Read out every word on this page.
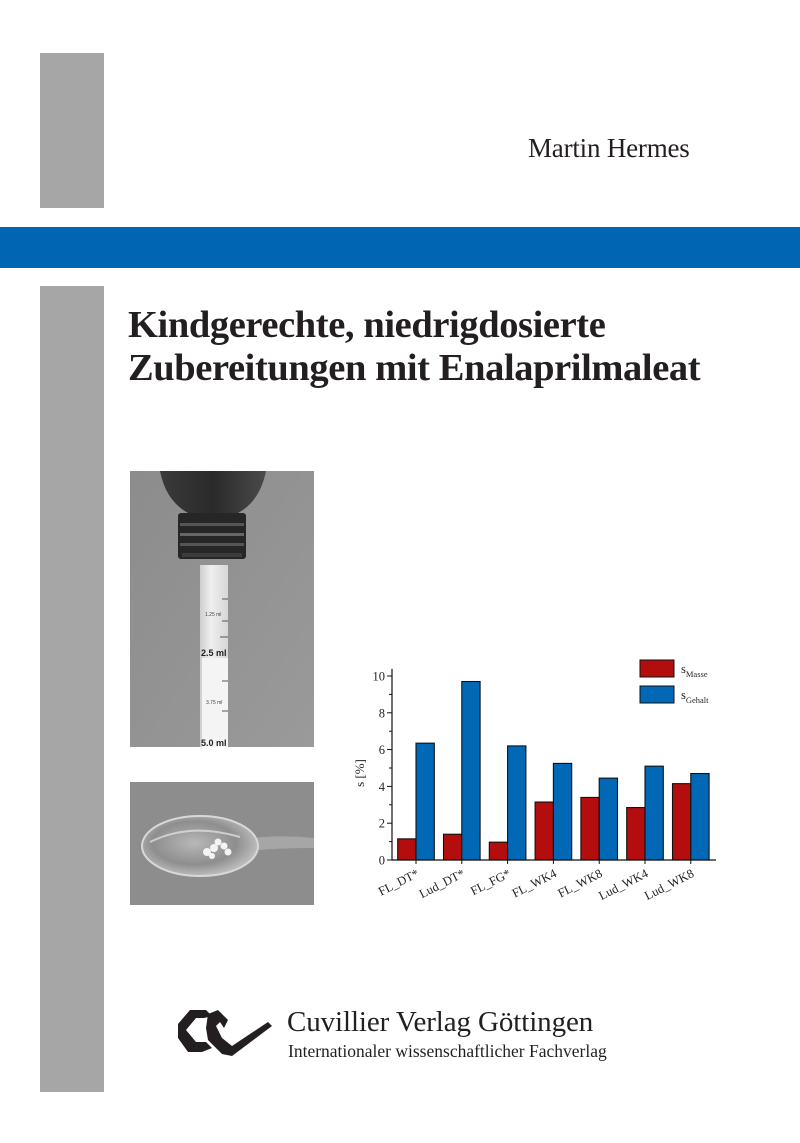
Martin Hermes
Kindgerechte, niedrigdosierte
Zubereitungen mit Enalaprilmaleat
1.25 ml
2.5 ml
3.75 ml
5.0 ml
FL_DT*
Lud_DT* FL_FG*
FL_WK4
FL_WK8
Lud_WK4
Lud_WK8
0
2
4
6
8
10
s [%]
$s_{Masse}$
$s_{Gehalt}$
Cuvillier Verlag Göttingen
Internationaler wissenschaftlicher Fachverlag
